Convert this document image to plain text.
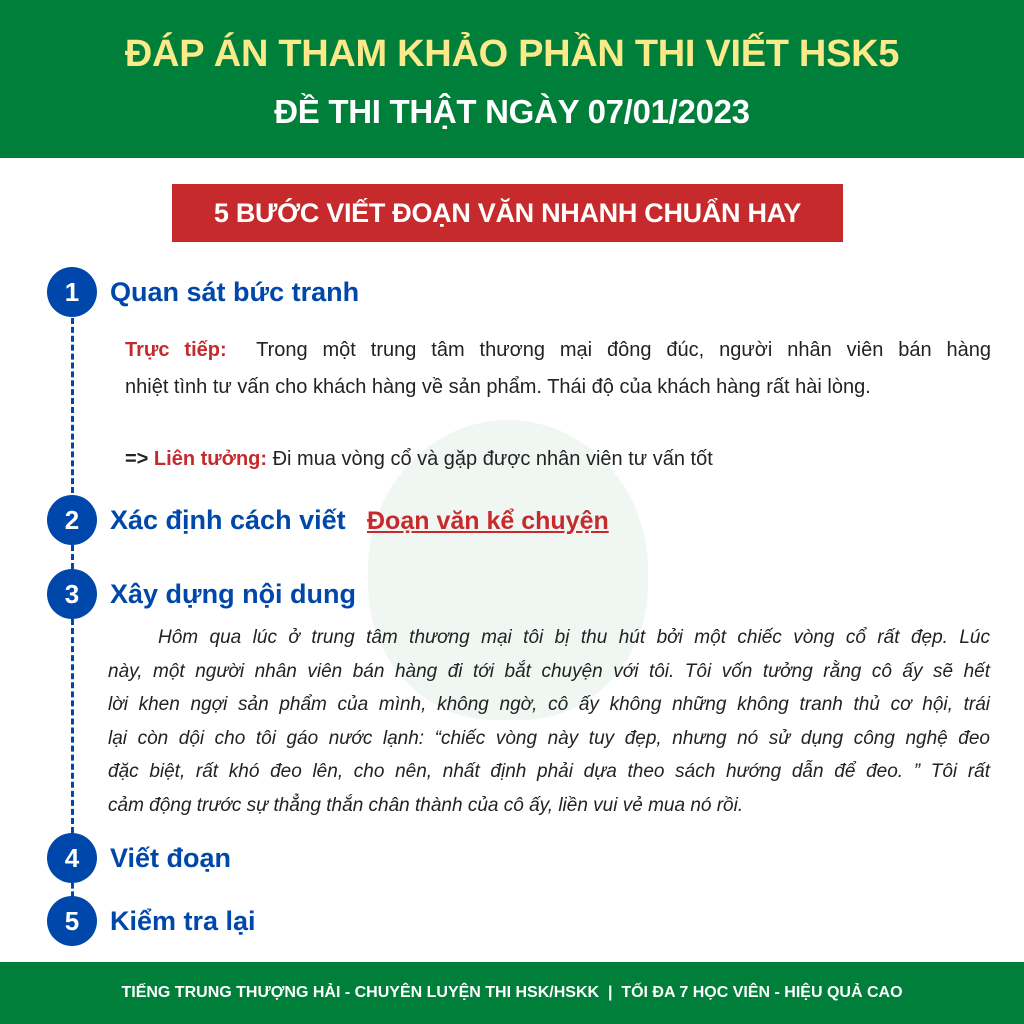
ĐÁP ÁN THAM KHẢO PHẦN THI VIẾT HSK5
ĐỀ THI THẬT NGÀY 07/01/2023
5 BƯỚC VIẾT ĐOẠN VĂN NHANH CHUẨN HAY
1	Quan sát bức tranh
Trực tiếp: Trong một trung tâm thương mại đông đúc, người nhân viên bán hàng
nhiệt tình tư vấn cho khách hàng về sản phẩm. Thái độ của khách hàng rất hài lòng.
=> Liên tưởng: Đi mua vòng cổ và gặp được nhân viên tư vấn tốt
2	Xác định cách viết Đoạn văn kể chuyện
3	Xây dựng nội dung
Hôm qua lúc ở trung tâm thương mại tôi bị thu hút bởi một chiếc vòng cổ rất đẹp. Lúc
này, một người nhân viên bán hàng đi tới bắt chuyện với tôi. Tôi vốn tưởng rằng cô ấy sẽ hết
lời khen ngợi sản phẩm của mình, không ngờ, cô ấy không những không tranh thủ cơ hội, trái
lại còn dội cho tôi gáo nước lạnh: “chiếc vòng này tuy đẹp, nhưng nó sử dụng công nghệ đeo
đặc biệt, rất khó đeo lên, cho nên, nhất định phải dựa theo sách hướng dẫn để đeo. ” Tôi rất
cảm động trước sự thẳng thắn chân thành của cô ấy, liền vui vẻ mua nó rồi.
4	Viết đoạn
5	Kiểm tra lại
TIẾNG TRUNG THƯỢNG HẢI - CHUYÊN LUYỆN THI HSK/HSKK  |  TỐI ĐA 7 HỌC VIÊN - HIỆU QUẢ CAO
